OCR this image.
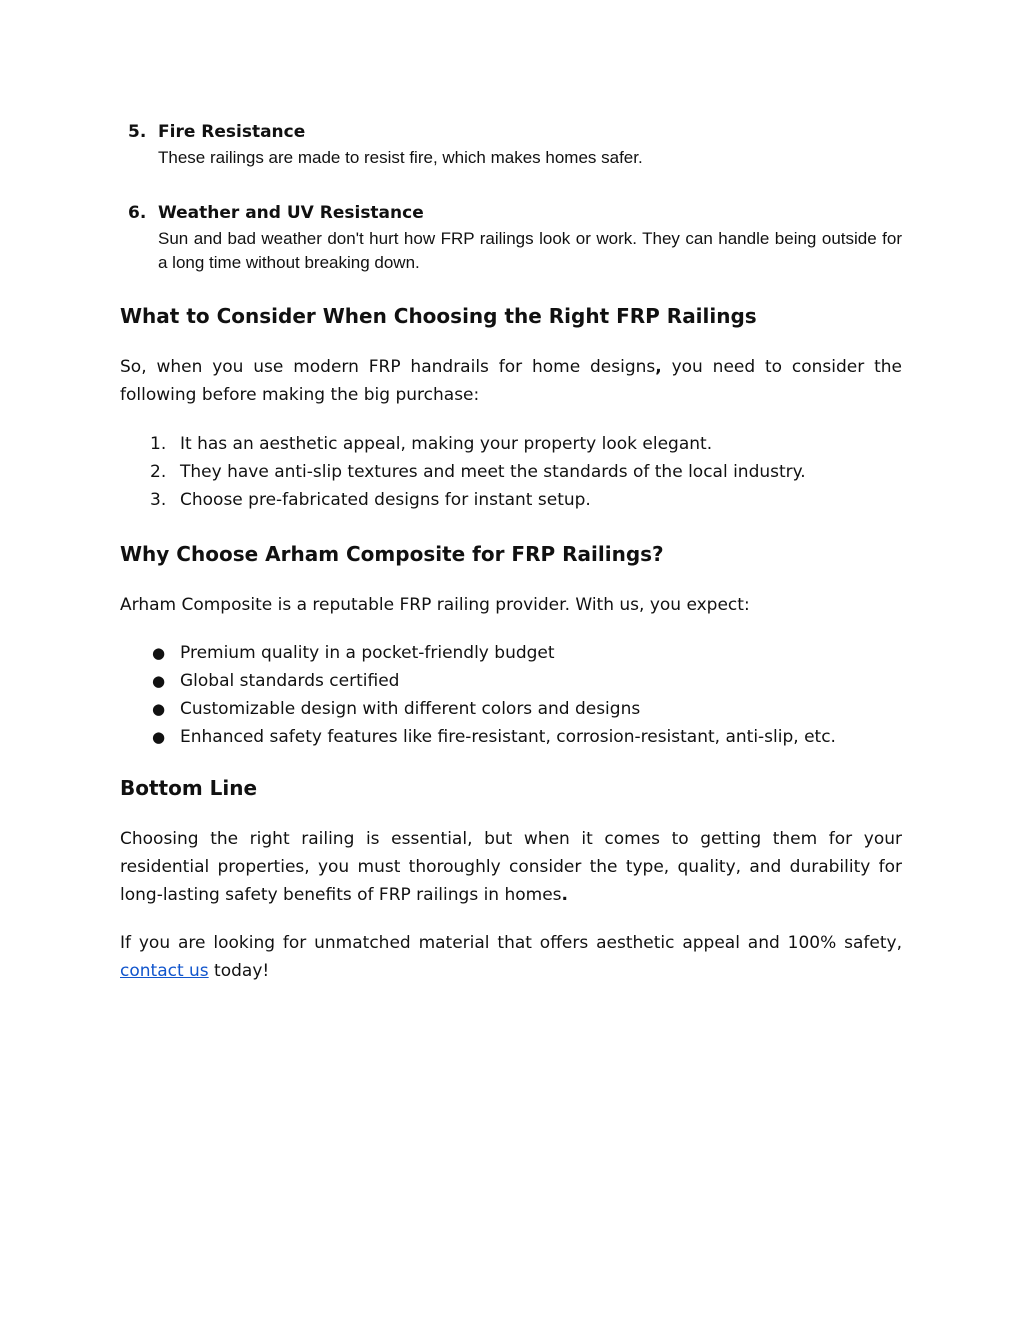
5. Fire Resistance
These railings are made to resist fire, which makes homes safer.
6. Weather and UV Resistance
Sun and bad weather don't hurt how FRP railings look or work. They can handle being outside for a long time without breaking down.
What to Consider When Choosing the Right FRP Railings

So, when you use modern FRP handrails for home designs, you need to consider the following before making the big purchase:

1. It has an aesthetic appeal, making your property look elegant.
2. They have anti-slip textures and meet the standards of the local industry.
3. Choose pre-fabricated designs for instant setup.
Why Choose Arham Composite for FRP Railings?

Arham Composite is a reputable FRP railing provider. With us, you expect:

● Premium quality in a pocket-friendly budget
● Global standards certified
● Customizable design with different colors and designs
● Enhanced safety features like fire-resistant, corrosion-resistant, anti-slip, etc.
Bottom Line

Choosing the right railing is essential, but when it comes to getting them for your residential properties, you must thoroughly consider the type, quality, and durability for long-lasting safety benefits of FRP railings in homes.

If you are looking for unmatched material that offers aesthetic appeal and 100% safety, contact us today!
